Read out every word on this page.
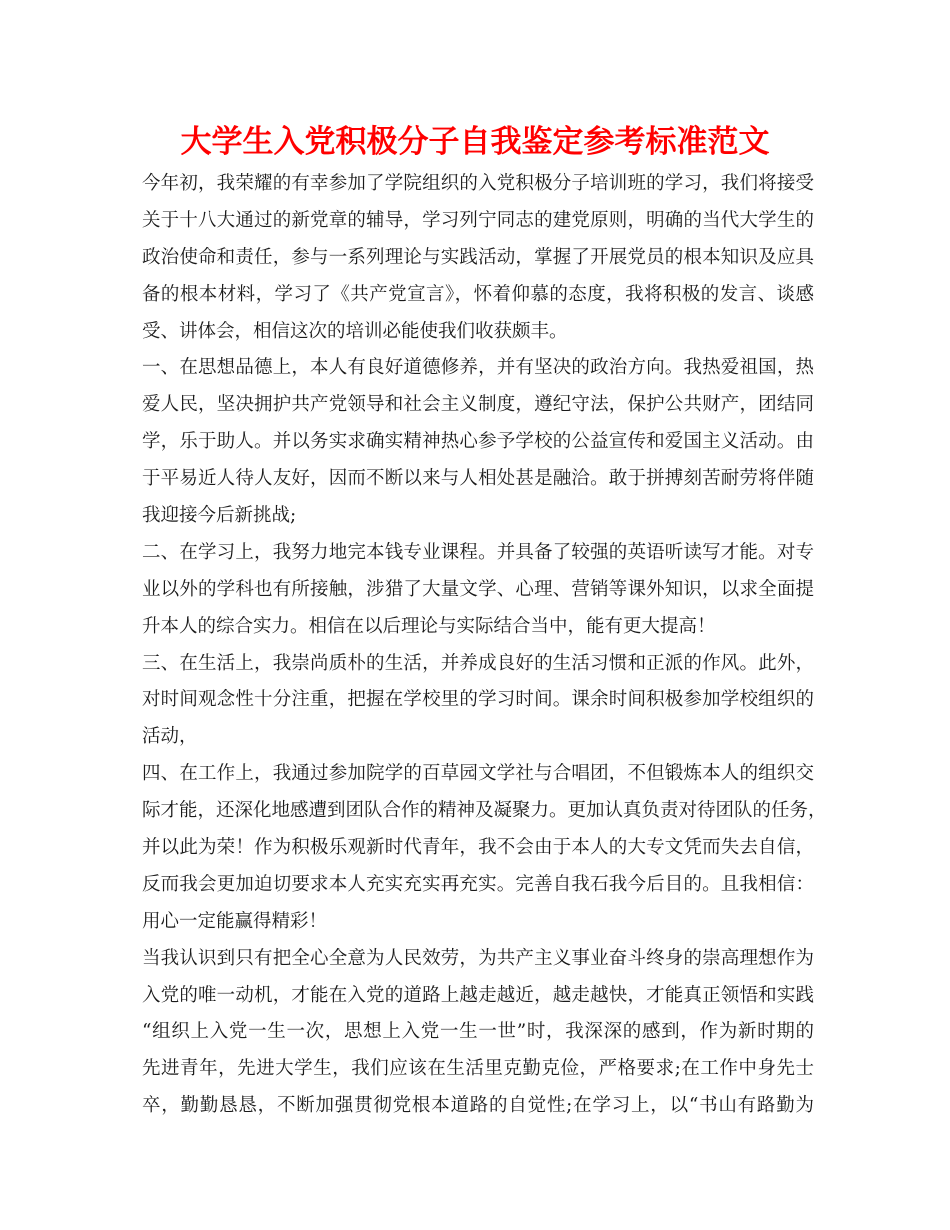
大学生入党积极分子自我鉴定参考标准范文
今年初，我荣耀的有幸参加了学院组织的入党积极分子培训班的学习，我们将接受
关于十八大通过的新党章的辅导，学习列宁同志的建党原则，明确的当代大学生的
政治使命和责任，参与一系列理论与实践活动，掌握了开展党员的根本知识及应具
备的根本材料，学习了《共产党宣言》，怀着仰慕的态度，我将积极的发言、谈感
受、讲体会，相信这次的培训必能使我们收获颇丰。
一、在思想品德上，本人有良好道德修养，并有坚决的政治方向。我热爱祖国，热
爱人民，坚决拥护共产党领导和社会主义制度，遵纪守法，保护公共财产，团结同
学，乐于助人。并以务实求确实精神热心参予学校的公益宣传和爱国主义活动。由
于平易近人待人友好，因而不断以来与人相处甚是融洽。敢于拼搏刻苦耐劳将伴随
我迎接今后新挑战;
二、在学习上，我努力地完本钱专业课程。并具备了较强的英语听读写才能。对专
业以外的学科也有所接触，涉猎了大量文学、心理、营销等课外知识，以求全面提
升本人的综合实力。相信在以后理论与实际结合当中，能有更大提高！
三、在生活上，我崇尚质朴的生活，并养成良好的生活习惯和正派的作风。此外，
对时间观念性十分注重，把握在学校里的学习时间。课余时间积极参加学校组织的
活动，
四、在工作上，我通过参加院学的百草园文学社与合唱团，不但锻炼本人的组织交
际才能，还深化地感遭到团队合作的精神及凝聚力。更加认真负责对待团队的任务，
并以此为荣！作为积极乐观新时代青年，我不会由于本人的大专文凭而失去自信，
反而我会更加迫切要求本人充实充实再充实。完善自我石我今后目的。且我相信：
用心一定能赢得精彩！
当我认识到只有把全心全意为人民效劳，为共产主义事业奋斗终身的崇高理想作为
入党的唯一动机，才能在入党的道路上越走越近，越走越快，才能真正领悟和实践
“组织上入党一生一次，思想上入党一生一世”时，我深深的感到，作为新时期的
先进青年，先进大学生，我们应该在生活里克勤克俭，严格要求;在工作中身先士
卒，勤勤恳恳，不断加强贯彻党根本道路的自觉性;在学习上，以“书山有路勤为
